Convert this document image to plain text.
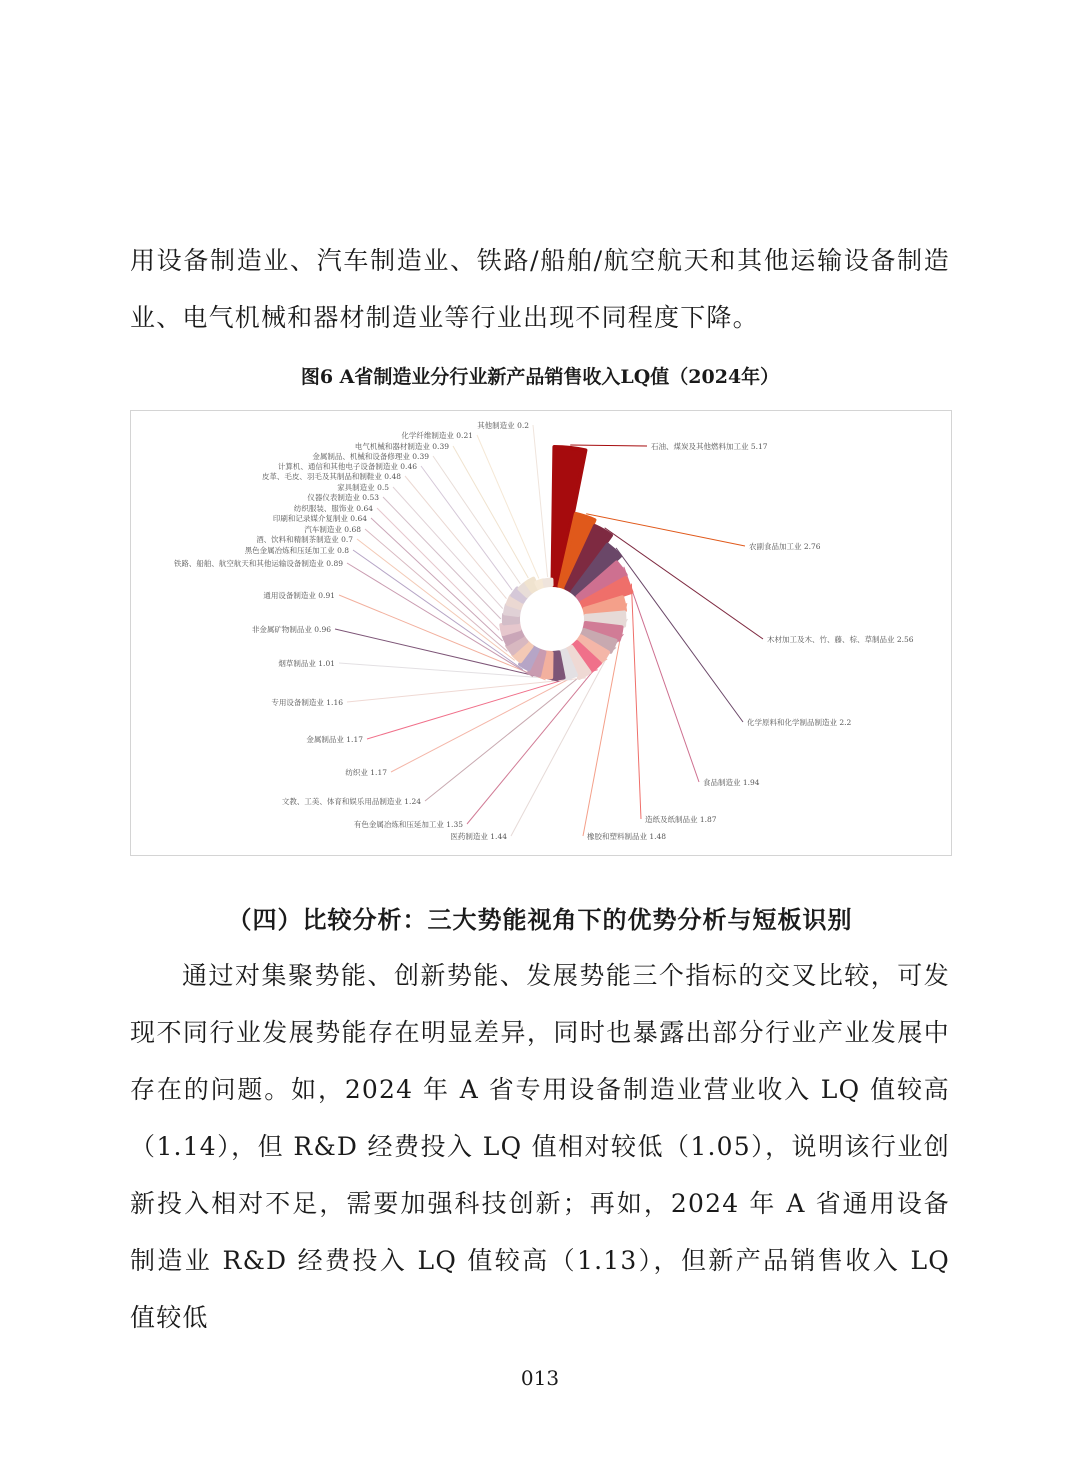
用设备制造业、汽车制造业、铁路/船舶/航空航天和其他运输设备制造业、电气机械和器材制造业等行业出现不同程度下降。

图6 A省制造业分行业新产品销售收入LQ值（2024年）

石油、煤炭及其他燃料加工业 5.17
农副食品加工业 2.76
木材加工及木、竹、藤、棕、草制品业 2.56
化学原料和化学制品制造业 2.2
食品制造业 1.94
造纸及纸制品业 1.87
橡胶和塑料制品业 1.48
医药制造业 1.44
有色金属冶炼和压延加工业 1.35
文教、工美、体育和娱乐用品制造业 1.24
纺织业 1.17
金属制品业 1.17
专用设备制造业 1.16
烟草制品业 1.01
非金属矿物制品业 0.96
通用设备制造业 0.91
铁路、船舶、航空航天和其他运输设备制造业 0.89
黑色金属冶炼和压延加工业 0.8
酒、饮料和精制茶制造业 0.7
汽车制造业 0.68
印刷和记录媒介复制业 0.64
纺织服装、服饰业 0.64
仪器仪表制造业 0.53
家具制造业 0.5
皮革、毛皮、羽毛及其制品和制鞋业 0.48
计算机、通信和其他电子设备制造业 0.46
金属制品、机械和设备修理业 0.39
电气机械和器材制造业 0.39
化学纤维制造业 0.21
其他制造业 0.2

（四）比较分析：三大势能视角下的优势分析与短板识别

通过对集聚势能、创新势能、发展势能三个指标的交叉比较，可发现不同行业发展势能存在明显差异，同时也暴露出部分行业产业发展中存在的问题。如，2024 年 A 省专用设备制造业营业收入 LQ 值较高（1.14），但 R&D 经费投入 LQ 值相对较低（1.05），说明该行业创新投入相对不足，需要加强科技创新；再如，2024 年 A 省通用设备制造业 R&D 经费投入 LQ 值较高（1.13），但新产品销售收入 LQ 值较低

013
